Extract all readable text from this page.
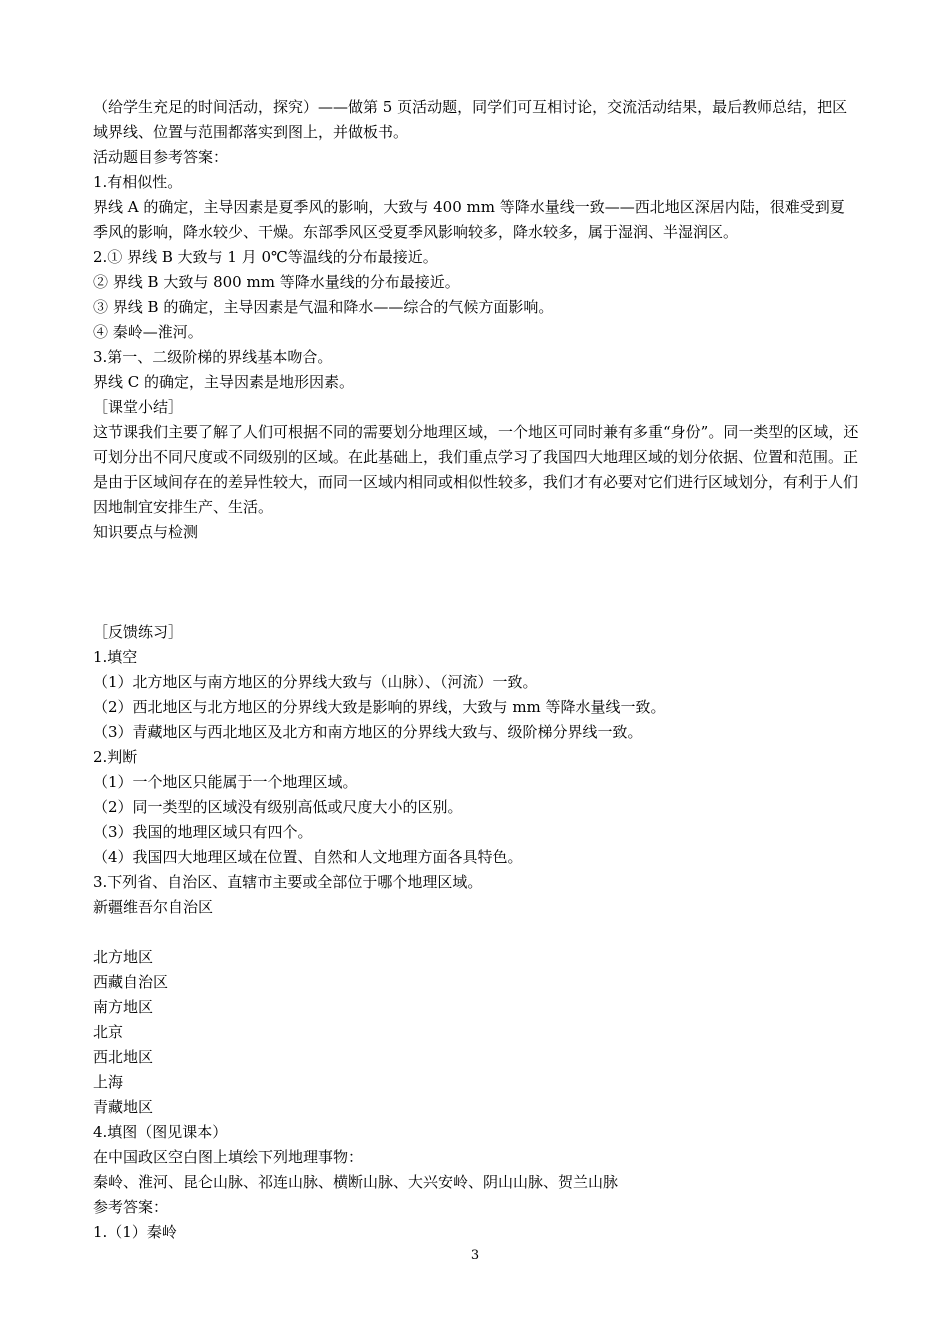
（给学生充足的时间活动，探究）——做第 5 页活动题，同学们可互相讨论，交流活动结果，最后教师总结，把区域界线、位置与范围都落实到图上，并做板书。
活动题目参考答案：
1.有相似性。
界线 A 的确定，主导因素是夏季风的影响，大致与 400 mm 等降水量线一致——西北地区深居内陆，很难受到夏季风的影响，降水较少、干燥。东部季风区受夏季风影响较多，降水较多，属于湿润、半湿润区。
2.① 界线 B 大致与 1 月 0℃等温线的分布最接近。
② 界线 B 大致与 800 mm 等降水量线的分布最接近。
③ 界线 B 的确定，主导因素是气温和降水——综合的气候方面影响。
④ 秦岭—淮河。
3.第一、二级阶梯的界线基本吻合。
界线 C 的确定，主导因素是地形因素。
［课堂小结］
这节课我们主要了解了人们可根据不同的需要划分地理区域，一个地区可同时兼有多重“身份”。同一类型的区域，还可划分出不同尺度或不同级别的区域。在此基础上，我们重点学习了我国四大地理区域的划分依据、位置和范围。正是由于区域间存在的差异性较大，而同一区域内相同或相似性较多，我们才有必要对它们进行区域划分，有利于人们因地制宜安排生产、生活。
知识要点与检测
［反馈练习］
1.填空
（1）北方地区与南方地区的分界线大致与（山脉）、（河流）一致。
（2）西北地区与北方地区的分界线大致是影响的界线，大致与 mm 等降水量线一致。
（3）青藏地区与西北地区及北方和南方地区的分界线大致与、级阶梯分界线一致。
2.判断
（1）一个地区只能属于一个地理区域。
（2）同一类型的区域没有级别高低或尺度大小的区别。
（3）我国的地理区域只有四个。
（4）我国四大地理区域在位置、自然和人文地理方面各具特色。
3.下列省、自治区、直辖市主要或全部位于哪个地理区域。
新疆维吾尔自治区
北方地区
西藏自治区
南方地区
北京
西北地区
上海
青藏地区
4.填图（图见课本）
在中国政区空白图上填绘下列地理事物：
秦岭、淮河、昆仑山脉、祁连山脉、横断山脉、大兴安岭、阴山山脉、贺兰山脉
参考答案：
1.（1）秦岭
3
